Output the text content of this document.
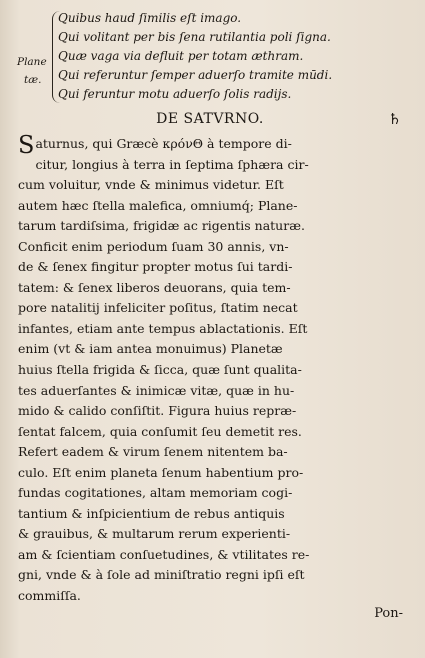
Plane
tæ.
Quibus haud ſimilis eſt imago.
Qui volitant per bis ſena rutilantia poli ſigna.
Quæ vaga via defluit per totam æthram.
Qui referuntur ſemper aduerſo tramite mūdi.
Qui feruntur motu aduerſo ſolis radijs.
DE SATVRNO.	♄
S aturnus, qui Græcè κρόνΘ à tempore di-
citur, longius à terra in ſeptima ſphæra cir-
cum voluitur, vnde & minimus videtur. Eſt
autem hæc ſtella malefica, omniumq́; Plane-
tarum tardiſsima, frigidæ ac rigentis naturæ.
Conficit enim periodum ſuam 30 annis, vn-
de & ſenex fingitur propter motus ſui tardi-
tatem: & ſenex liberos deuorans, quia tem-
pore natalitij infeliciter poſitus, ſtatim necat
infantes, etiam ante tempus ablactationis. Eſt
enim (vt & iam antea monuimus) Planetæ
huius ſtella frigida & ſicca, quæ ſunt qualita-
tes aduerſantes & inimicæ vitæ, quæ in hu-
mido & calido conſiſtit. Figura huius repræ-
ſentat falcem, quia conſumit ſeu demetit res.
Refert eadem & virum ſenem nitentem ba-
culo. Eſt enim planeta ſenum habentium pro-
fundas cogitationes, altam memoriam cogi-
tantium & inſpicientium de rebus antiquis
& grauibus, & multarum rerum experienti-
am & ſcientiam conſuetudines, & vtilitates re-
gni, vnde & à ſole ad miniſtratio regni ipſi eſt
commiſſa.
Pon-
